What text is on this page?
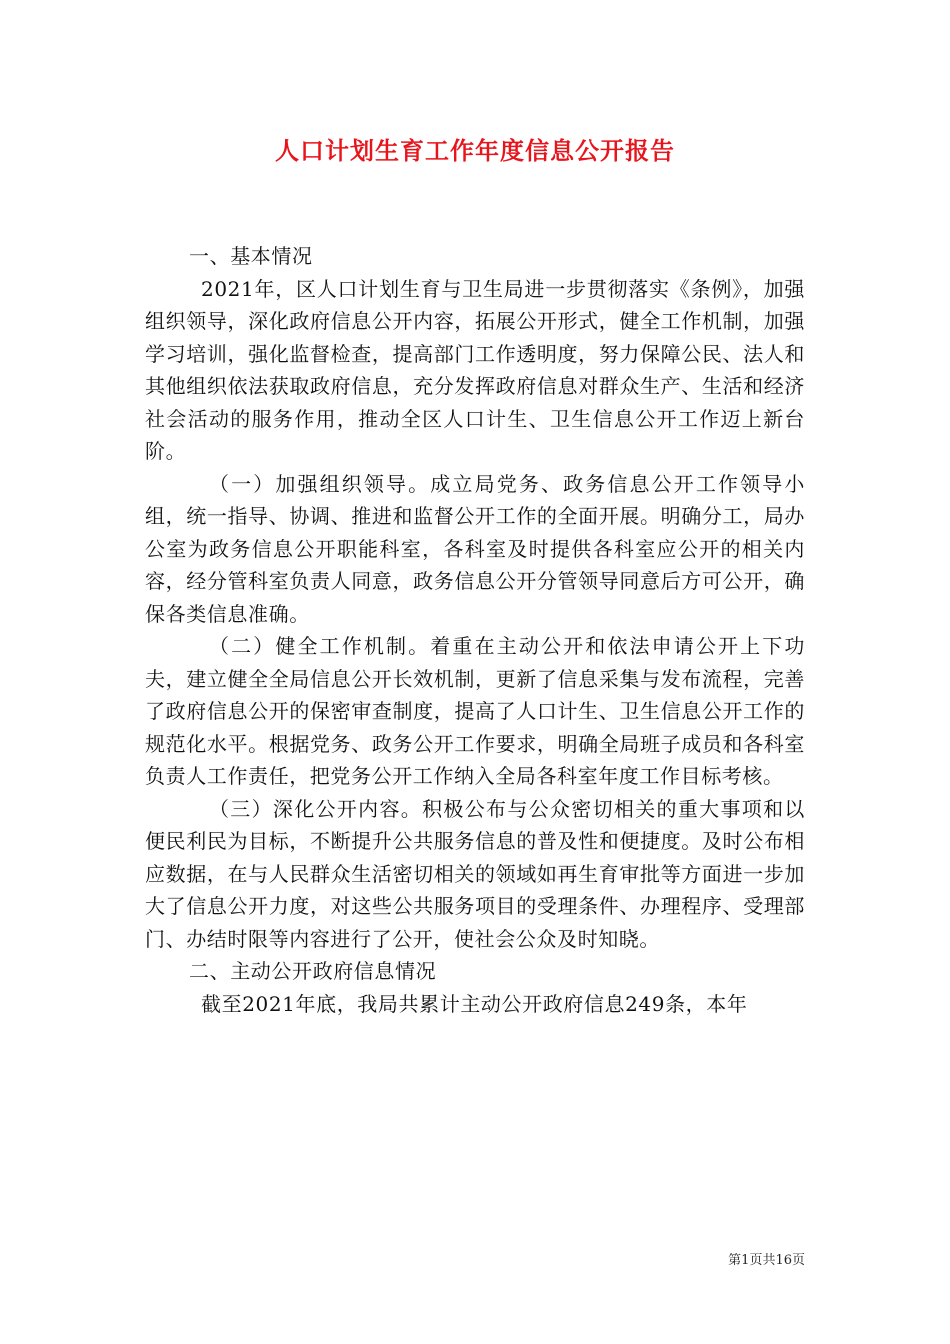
人口计划生育工作年度信息公开报告

一、基本情况

2021年，区人口计划生育与卫生局进一步贯彻落实《条例》，加强组织领导，深化政府信息公开内容，拓展公开形式，健全工作机制，加强学习培训，强化监督检查，提高部门工作透明度，努力保障公民、法人和其他组织依法获取政府信息，充分发挥政府信息对群众生产、生活和经济社会活动的服务作用，推动全区人口计生、卫生信息公开工作迈上新台阶。

（一）加强组织领导。成立局党务、政务信息公开工作领导小组，统一指导、协调、推进和监督公开工作的全面开展。明确分工，局办公室为政务信息公开职能科室，各科室及时提供各科室应公开的相关内容，经分管科室负责人同意，政务信息公开分管领导同意后方可公开，确保各类信息准确。

（二）健全工作机制。着重在主动公开和依法申请公开上下功夫，建立健全全局信息公开长效机制，更新了信息采集与发布流程，完善了政府信息公开的保密审查制度，提高了人口计生、卫生信息公开工作的规范化水平。根据党务、政务公开工作要求，明确全局班子成员和各科室负责人工作责任，把党务公开工作纳入全局各科室年度工作目标考核。

（三）深化公开内容。积极公布与公众密切相关的重大事项和以便民利民为目标，不断提升公共服务信息的普及性和便捷度。及时公布相应数据，在与人民群众生活密切相关的领域如再生育审批等方面进一步加大了信息公开力度，对这些公共服务项目的受理条件、办理程序、受理部门、办结时限等内容进行了公开，使社会公众及时知晓。

二、主动公开政府信息情况

截至2021年底，我局共累计主动公开政府信息249条，本年

第1页共16页
